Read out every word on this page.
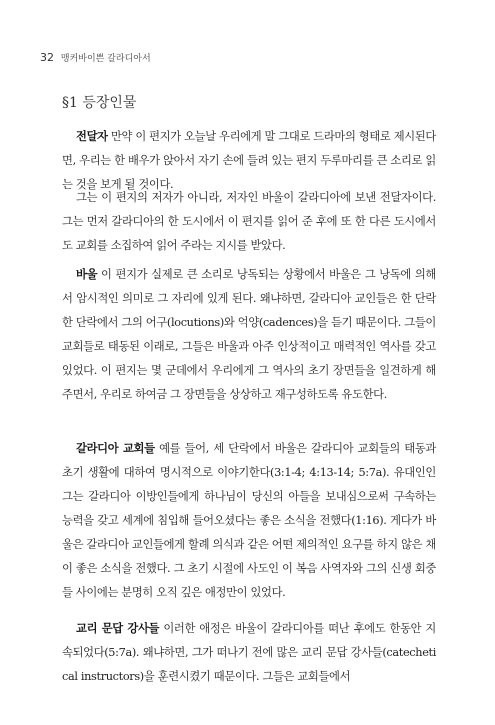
32 맹커바이쁜 갈라디아서
§1 등장인물

전달자 만약 이 편지가 오늘날 우리에게 말 그대로 드라마의 형태로 제시된다면, 우리는 한 배우가 앉아서 자기 손에 들려 있는 편지 두루마리를 큰 소리로 읽는 것을 보게 될 것이다.

그는 이 편지의 저자가 아니라, 저자인 바울이 갈라디아에 보낸 전달자이다. 그는 먼저 갈라디아의 한 도시에서 이 편지를 읽어 준 후에 또 한 다른 도시에서도 교회를 소집하여 읽어 주라는 지시를 받았다.

바울 이 편지가 실제로 큰 소리로 낭독되는 상황에서 바울은 그 낭독에 의해서 암시적인 의미로 그 자리에 있게 된다. 왜냐하면, 갈라디아 교인들은 한 단락 한 단락에서 그의 어구(locutions)와 억양(cadences)을 듣기 때문이다. 그들이 교회들로 태동된 이래로, 그들은 바울과 아주 인상적이고 매력적인 역사를 갖고 있었다. 이 편지는 몇 군데에서 우리에게 그 역사의 초기 장면들을 일견하게 해 주면서, 우리로 하여금 그 장면들을 상상하고 재구성하도록 유도한다.

갈라디아 교회들 예를 들어, 세 단락에서 바울은 갈라디아 교회들의 태동과 초기 생활에 대하여 명시적으로 이야기한다(3:1-4; 4:13-14; 5:7a). 유대인인 그는 갈라디아 이방인들에게 하나님이 당신의 아들을 보내심으로써 구속하는 능력을 갖고 세계에 침입해 들어오셨다는 좋은 소식을 전했다(1:16). 게다가 바울은 갈라디아 교인들에게 할례 의식과 같은 어떤 제의적인 요구를 하지 않은 채 이 좋은 소식을 전했다. 그 초기 시절에 사도인 이 복음 사역자와 그의 신생 회중들 사이에는 분명히 오직 깊은 애정만이 있었다.

교리 문답 강사들 이러한 애정은 바울이 갈라디아를 떠난 후에도 한동안 지속되었다(5:7a). 왜냐하면, 그가 떠나기 전에 많은 교리 문답 강사들(catechetical instructors)을 훈련시켰기 때문이다. 그들은 교회들에서
